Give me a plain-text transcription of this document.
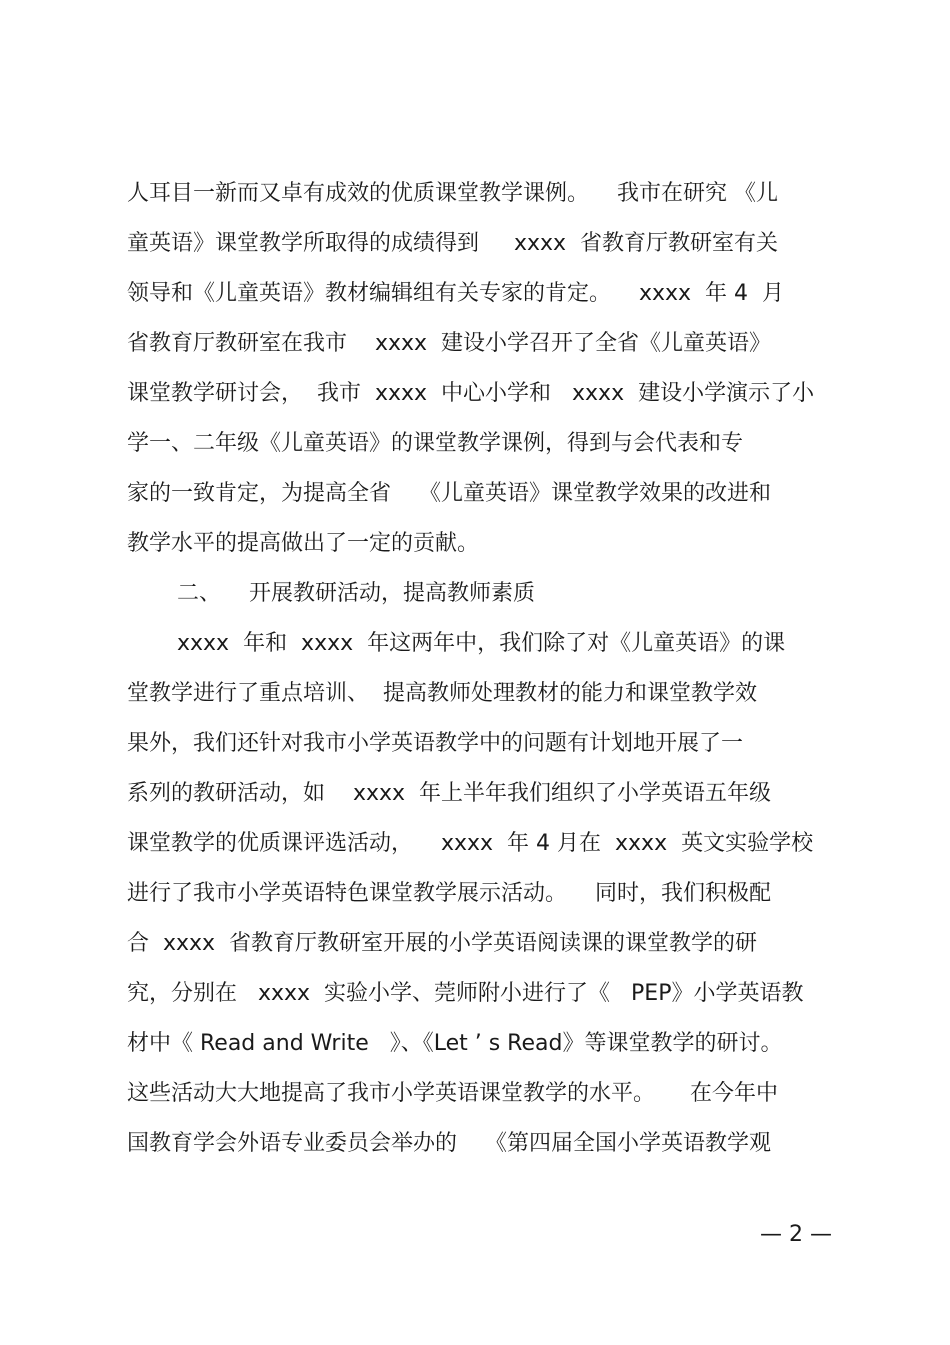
人耳目一新而又卓有成效的优质课堂教学课例。    我市在研究 《儿
童英语》课堂教学所取得的成绩得到     xxxx  省教育厅教研室有关
领导和《儿童英语》教材编辑组有关专家的肯定。    xxxx  年 4  月
省教育厅教研室在我市    xxxx  建设小学召开了全省《儿童英语》
课堂教学研讨会，  我市  xxxx  中心小学和   xxxx  建设小学演示了小
学一、二年级《儿童英语》的课堂教学课例，得到与会代表和专
家的一致肯定，为提高全省    《儿童英语》课堂教学效果的改进和
教学水平的提高做出了一定的贡献。
二、    开展教研活动，提高教师素质
xxxx  年和  xxxx  年这两年中，我们除了对《儿童英语》的课
堂教学进行了重点培训、  提高教师处理教材的能力和课堂教学效
果外，我们还针对我市小学英语教学中的问题有计划地开展了一
系列的教研活动，如    xxxx  年上半年我们组织了小学英语五年级
课堂教学的优质课评选活动，    xxxx  年 4 月在  xxxx  英文实验学校
进行了我市小学英语特色课堂教学展示活动。    同时，我们积极配
合  xxxx  省教育厅教研室开展的小学英语阅读课的课堂教学的研
究，分别在   xxxx  实验小学、莞师附小进行了《   PEP》小学英语教
材中《 Read and Write   》、《Let ’ s Read》等课堂教学的研讨。
这些活动大大地提高了我市小学英语课堂教学的水平。     在今年中
国教育学会外语专业委员会举办的    《第四届全国小学英语教学观
— 2 —
